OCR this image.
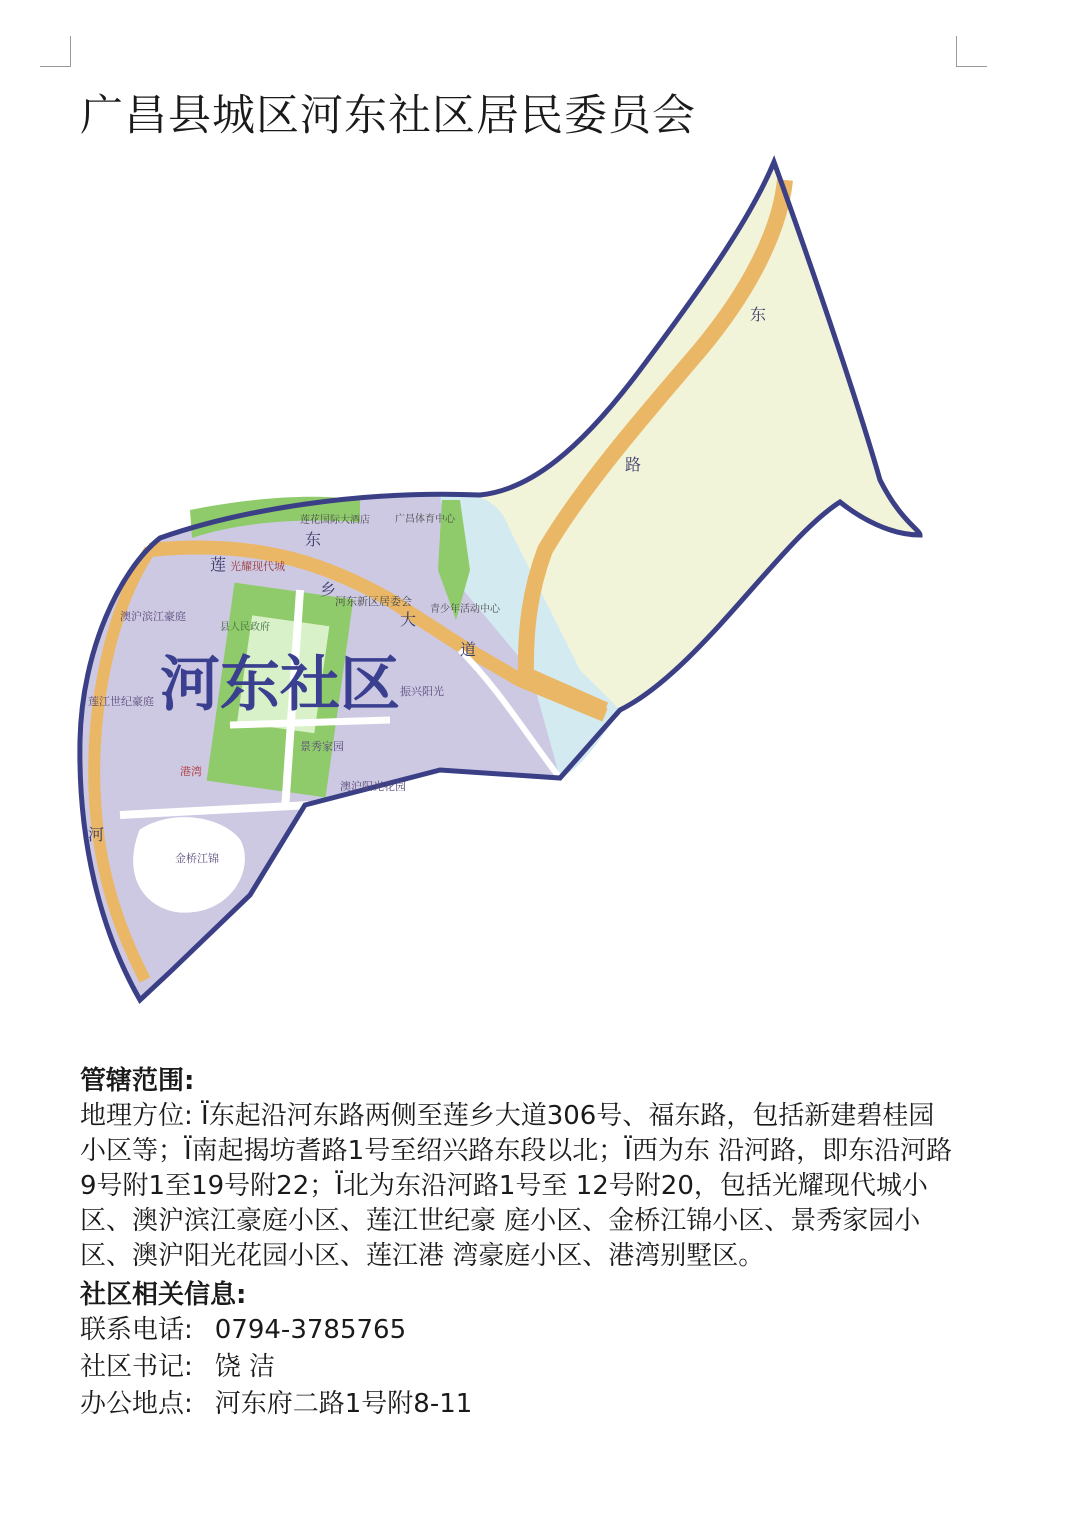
广昌县城区河东社区居民委员会
莲
乡
大
道
东
路
河
东
光耀现代城
莲花国际大酒店	广昌体育中心
河东新区居委会
澳沪滨江豪庭
莲江世纪豪庭
澳沪阳光花园
金桥江锦
景秀家园
振兴阳光
县人民政府
港湾
青少年活动中心
河东社区

管辖范围:

地理方位: Ï东起沿河东路两侧至莲乡大道306号、福东路，包括新建碧桂园小区等；Ï南起揭坊耆路1号至绍兴路东段以北；Ï西为东 沿河路，即东沿河路9号附1至19号附22；Ï北为东沿河路1号至 12号附20，包括光耀现代城小区、澳沪滨江豪庭小区、莲江世纪豪 庭小区、金桥江锦小区、景秀家园小区、澳沪阳光花园小区、莲江港 湾豪庭小区、港湾别墅区。

社区相关信息:

联系电话: 0794-3785765
社区书记: 饶 洁
办公地点: 河东府二路1号附8-11
